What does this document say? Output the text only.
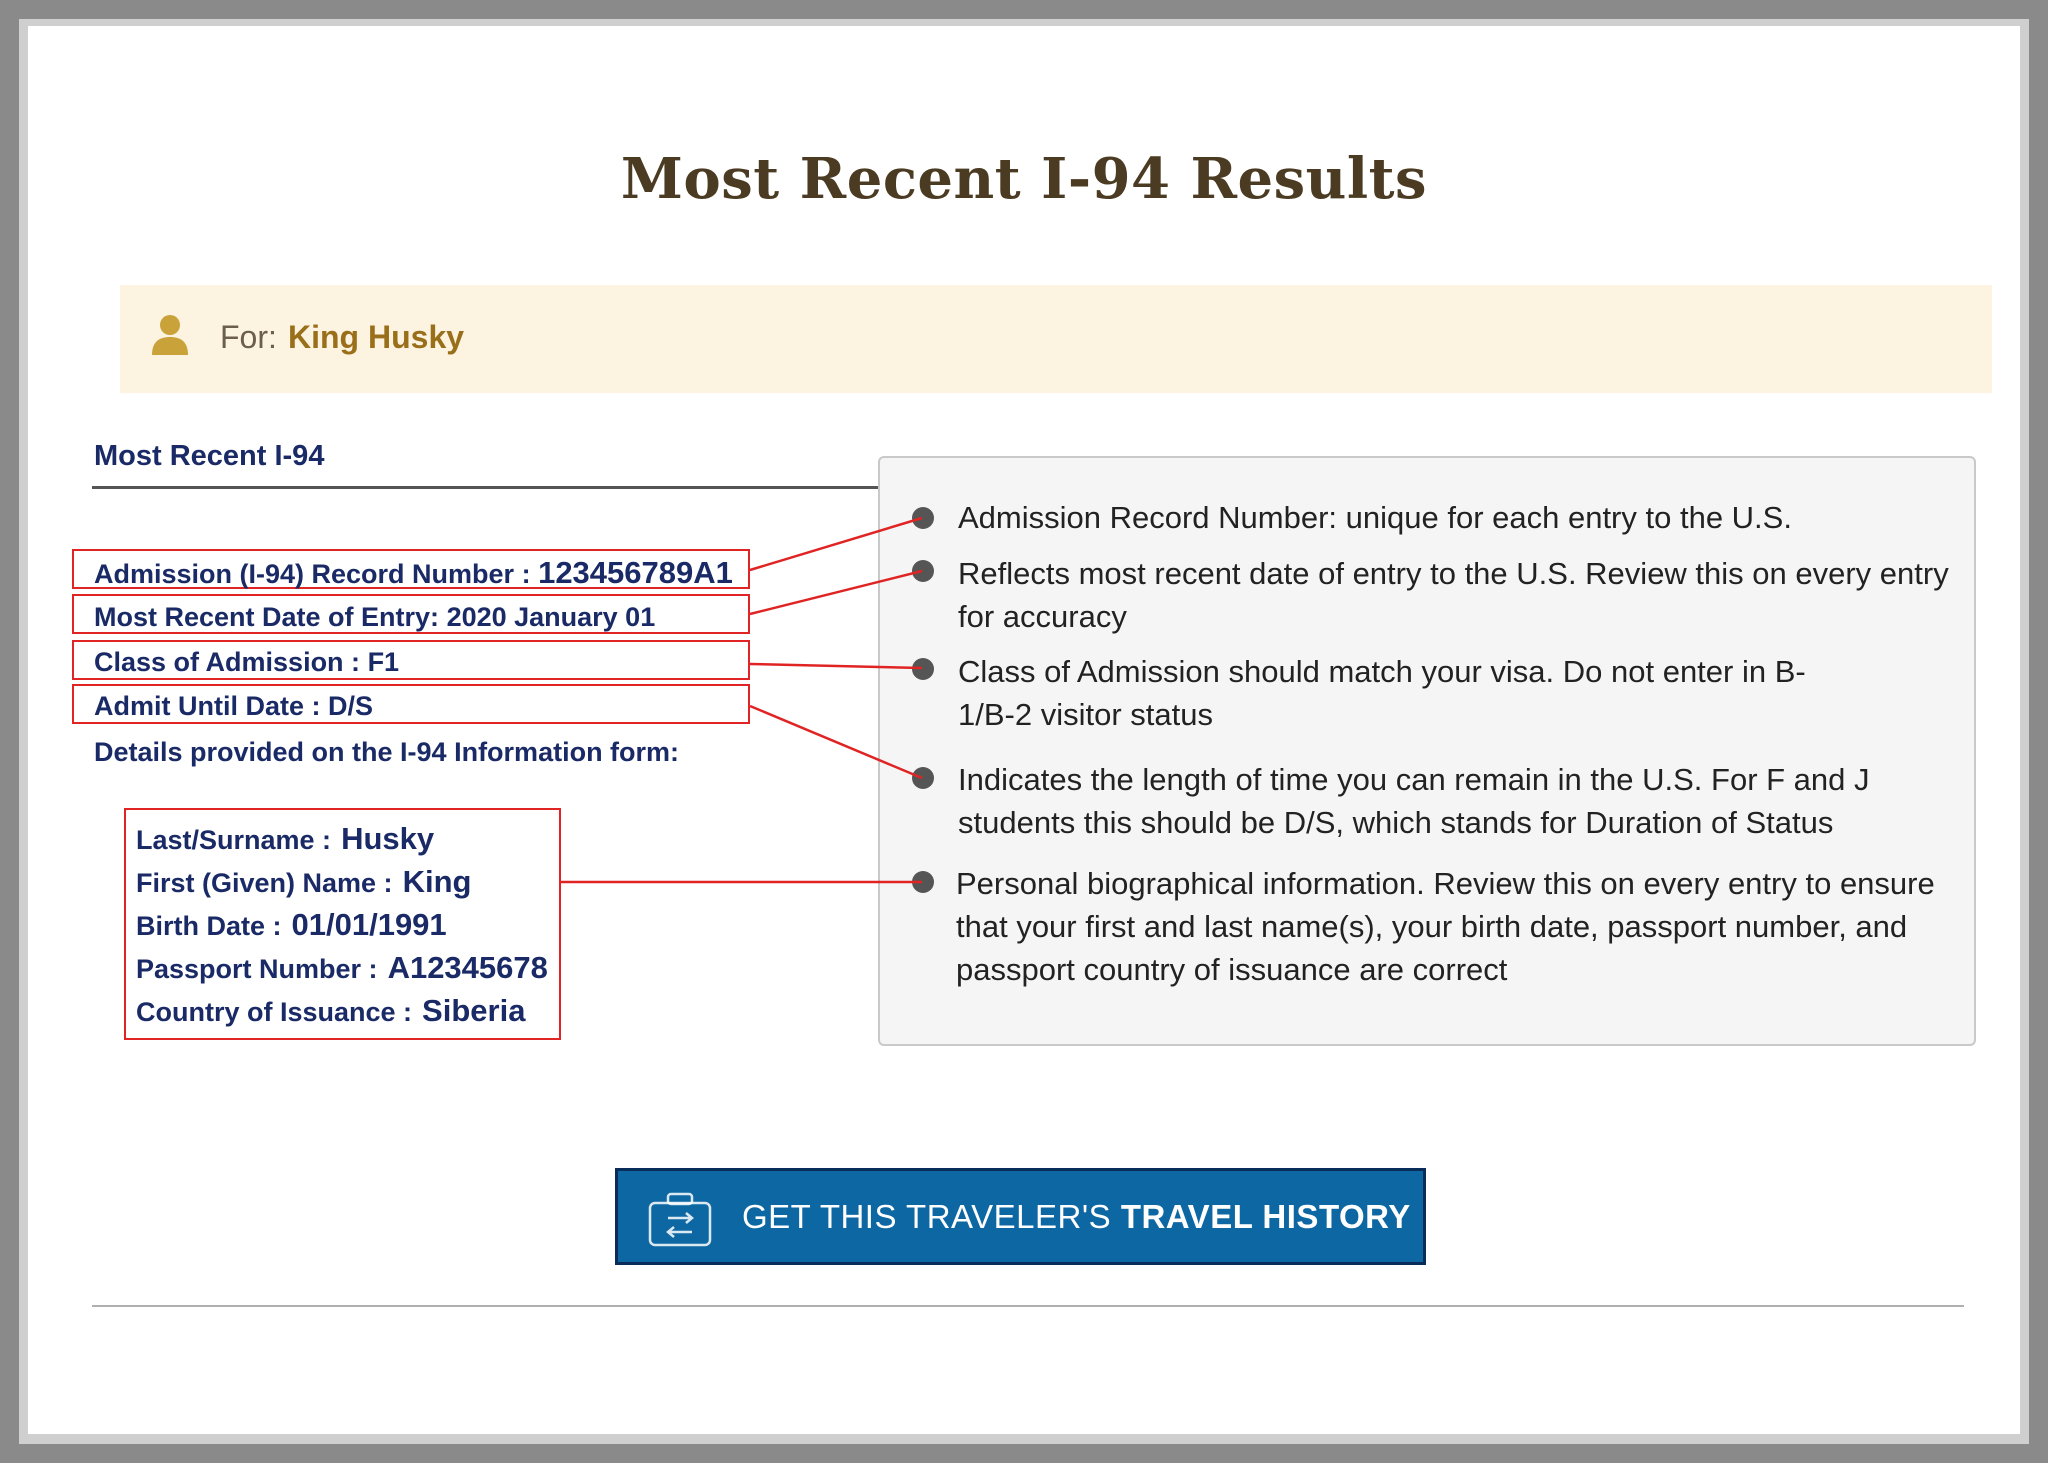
Most Recent I-94 Results
For: King Husky
Most Recent I-94
Admission (I-94) Record Number : 123456789A1
Most Recent Date of Entry: 2020 January 01
Class of Admission : F1
Admit Until Date : D/S
Details provided on the I-94 Information form:
Last/Surname : Husky
First (Given) Name : King
Birth Date : 01/01/1991
Passport Number : A12345678
Country of Issuance : Siberia
Admission Record Number: unique for each entry to the U.S.
Reflects most recent date of entry to the U.S. Review this on every entry for accuracy
Class of Admission should match your visa. Do not enter in B-1/B-2 visitor status
Indicates the length of time you can remain in the U.S. For F and J students this should be D/S, which stands for Duration of Status
Personal biographical information. Review this on every entry to ensure that your first and last name(s), your birth date, passport number, and passport country of issuance are correct
GET THIS TRAVELER'S TRAVEL HISTORY
